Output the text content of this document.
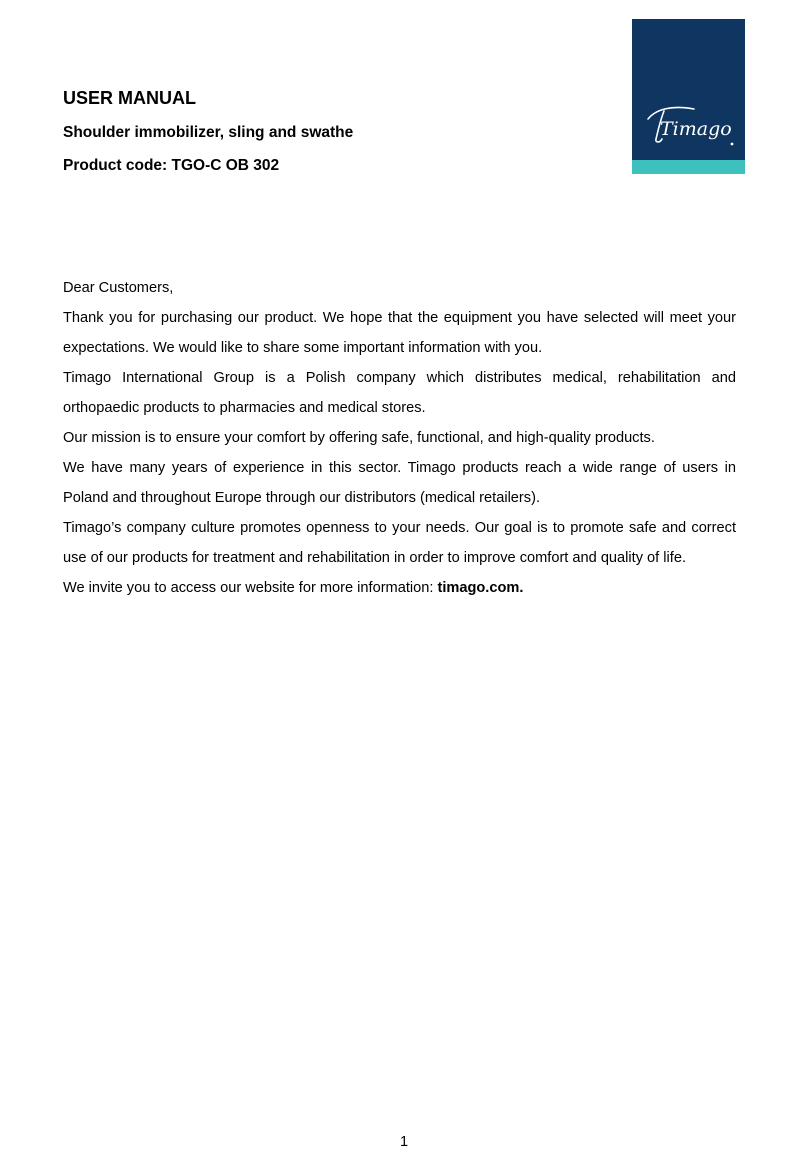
USER MANUAL
Shoulder immobilizer, sling and swathe
Product code: TGO-C OB 302
Timago

Dear Customers,

Thank you for purchasing our product. We hope that the equipment you have selected will meet your expectations. We would like to share some important information with you.

Timago International Group is a Polish company which distributes medical, rehabilitation and orthopaedic products to pharmacies and medical stores.

Our mission is to ensure your comfort by offering safe, functional, and high-quality products.

We have many years of experience in this sector. Timago products reach a wide range of users in Poland and throughout Europe through our distributors (medical retailers).

Timago’s company culture promotes openness to your needs. Our goal is to promote safe and correct use of our products for treatment and rehabilitation in order to improve comfort and quality of life.

We invite you to access our website for more information: timago.com.

1
